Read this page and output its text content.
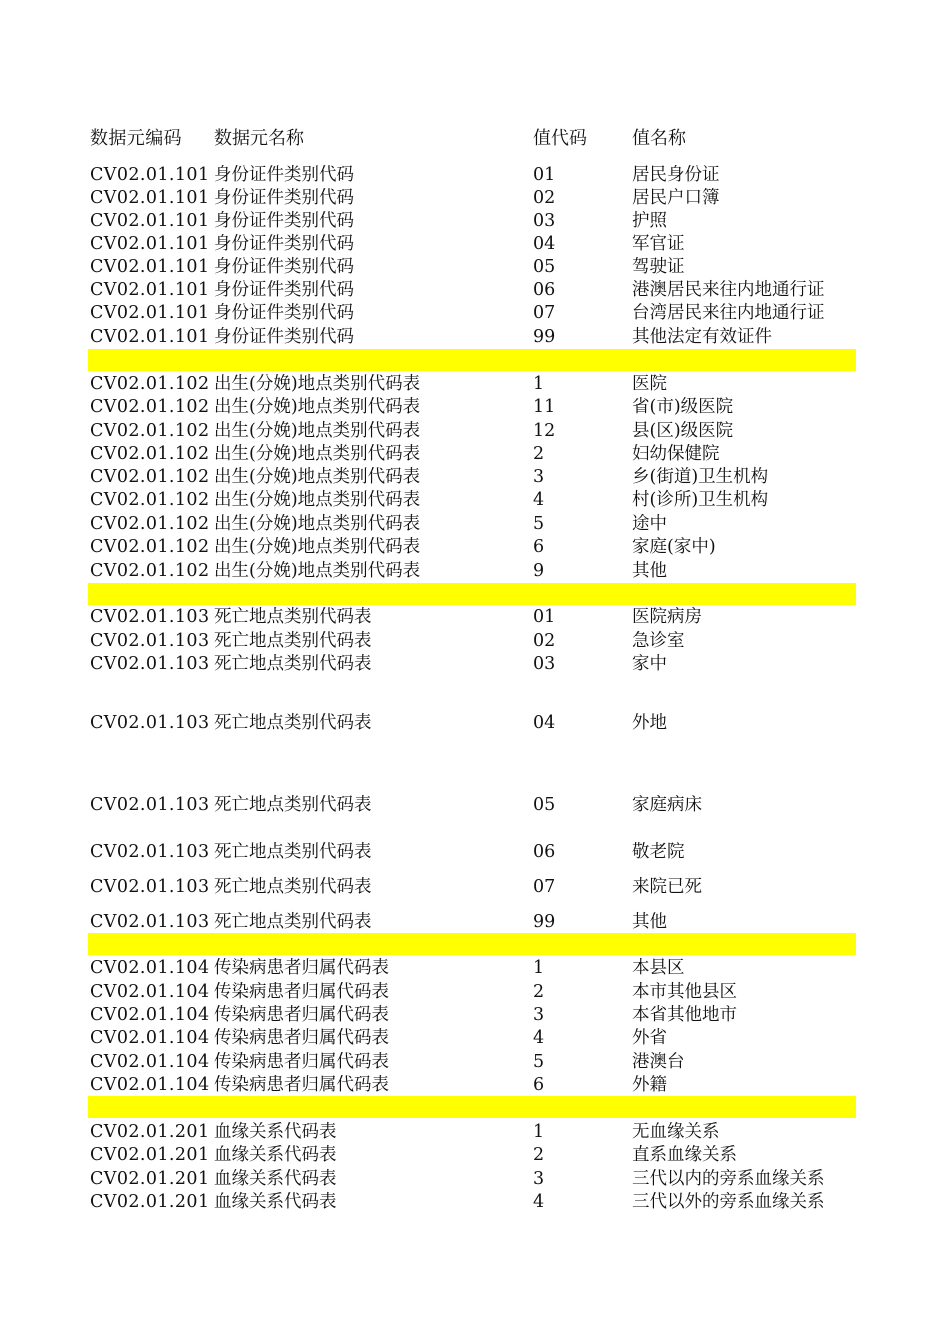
数据元编码 数据元名称	值代码	值名称
CV02.01.101 身份证件类别代码	01	居民身份证
CV02.01.101 身份证件类别代码	02	居民户口簿
CV02.01.101 身份证件类别代码	03	护照
CV02.01.101 身份证件类别代码	04	军官证
CV02.01.101 身份证件类别代码	05	驾驶证
CV02.01.101 身份证件类别代码	06	港澳居民来往内地通行证
CV02.01.101 身份证件类别代码	07	台湾居民来往内地通行证
CV02.01.101 身份证件类别代码	99	其他法定有效证件
CV02.01.102 出生(分娩)地点类别代码表	1	医院
CV02.01.102 出生(分娩)地点类别代码表	11	省(市)级医院
CV02.01.102 出生(分娩)地点类别代码表	12	县(区)级医院
CV02.01.102 出生(分娩)地点类别代码表	2	妇幼保健院
CV02.01.102 出生(分娩)地点类别代码表	3	乡(街道)卫生机构
CV02.01.102 出生(分娩)地点类别代码表	4	村(诊所)卫生机构
CV02.01.102 出生(分娩)地点类别代码表	5	途中
CV02.01.102 出生(分娩)地点类别代码表	6	家庭(家中)
CV02.01.102 出生(分娩)地点类别代码表	9	其他
CV02.01.103 死亡地点类别代码表	01	医院病房
CV02.01.103 死亡地点类别代码表	02	急诊室
CV02.01.103 死亡地点类别代码表	03	家中
CV02.01.103 死亡地点类别代码表	04	外地
CV02.01.103 死亡地点类别代码表	05	家庭病床
CV02.01.103 死亡地点类别代码表	06	敬老院
CV02.01.103 死亡地点类别代码表	07	来院已死
CV02.01.103 死亡地点类别代码表	99	其他
CV02.01.104 传染病患者归属代码表	1	本县区
CV02.01.104 传染病患者归属代码表	2	本市其他县区
CV02.01.104 传染病患者归属代码表	3	本省其他地市
CV02.01.104 传染病患者归属代码表	4	外省
CV02.01.104 传染病患者归属代码表	5	港澳台
CV02.01.104 传染病患者归属代码表	6	外籍
CV02.01.201 血缘关系代码表	1	无血缘关系
CV02.01.201 血缘关系代码表	2	直系血缘关系
CV02.01.201 血缘关系代码表	3	三代以内的旁系血缘关系
CV02.01.201 血缘关系代码表	4	三代以外的旁系血缘关系
